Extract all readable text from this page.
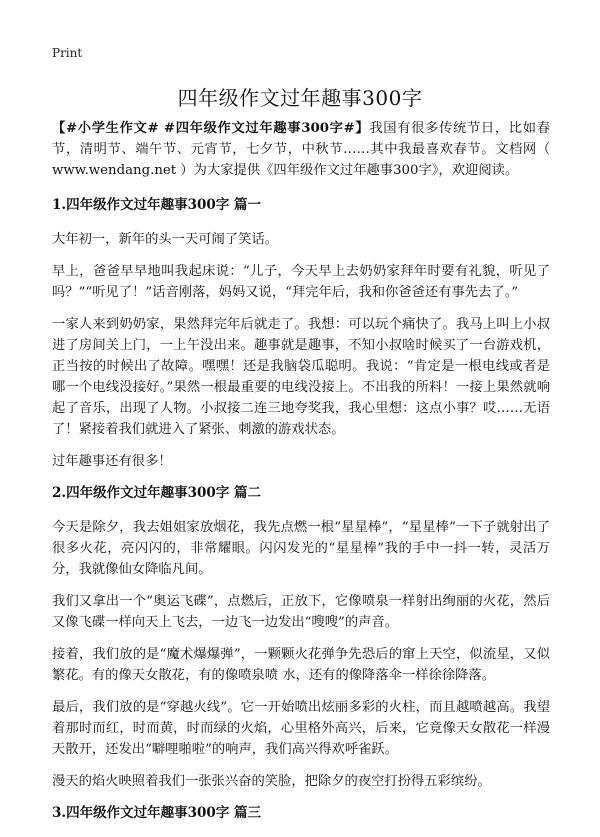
Print
四年级作文过年趣事300字
【#小学生作文# #四年级作文过年趣事300字#】我国有很多传统节日，比如春节，清明节、端午节、元宵节，七夕节，中秋节……其中我最喜欢春节。文档网（ www.wendang.net ）为大家提供《四年级作文过年趣事300字》，欢迎阅读。
1.四年级作文过年趣事300字 篇一

大年初一，新年的头一天可闹了笑话。

早上，爸爸早早地叫我起床说：“儿子，今天早上去奶奶家拜年时要有礼貌，听见了吗？”“听见了！”话音刚落，妈妈又说，“拜完年后，我和你爸爸还有事先去了。”

一家人来到奶奶家，果然拜完年后就走了。我想：可以玩个痛快了。我马上叫上小叔进了房间关上门，一上午没出来。趣事就是趣事，不知小叔啥时候买了一台游戏机，正当按的时候出了故障。嘿嘿！还是我脑袋瓜聪明。我说：“肯定是一根电线或者是哪一个电线没接好。”果然一根最重要的电线没接上。不出我的所料！一接上果然就响起了音乐，出现了人物。小叔接二连三地夸奖我，我心里想：这点小事？哎……无语了！紧接着我们就进入了紧张、刺激的游戏状态。

过年趣事还有很多！

2.四年级作文过年趣事300字 篇二

今天是除夕，我去姐姐家放烟花，我先点燃一根“星星棒”，“星星棒”一下子就射出了很多火花，亮闪闪的，非常耀眼。闪闪发光的“星星棒”我的手中一抖一转，灵活万分，我就像仙女降临凡间。

我们又拿出一个“奥运飞碟”，点燃后，正放下，它像喷泉一样射出绚丽的火花，然后又像飞碟一样向天上飞去，一边飞一边发出“嗖嗖”的声音。

接着，我们放的是“魔术爆爆弹”，一颗颗火花弹争先恐后的窜上天空，似流星，又似繁花。有的像天女散花，有的像喷泉喷 水，还有的像降落伞一样徐徐降落。

最后，我们放的是“穿越火线”。它一开始喷出炫丽多彩的火柱，而且越喷越高。我望着那时而红，时而黄，时而绿的火焰，心里格外高兴，后来，它竟像天女散花一样漫天散开，还发出“噼哩啪啦”的响声，我们高兴得欢呼雀跃。

漫天的焰火映照着我们一张张兴奋的笑脸，把除夕的夜空打扮得五彩缤纷。

3.四年级作文过年趣事300字 篇三
